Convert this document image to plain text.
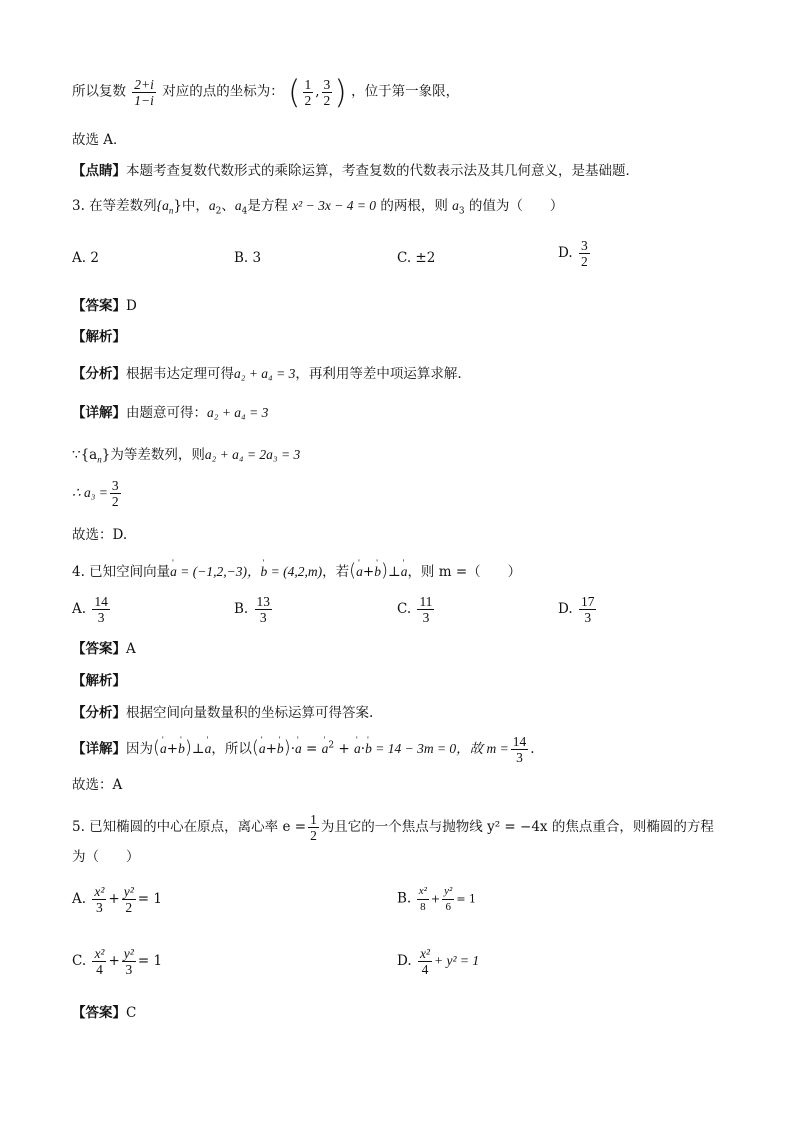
所以复数 $\frac{2+i}{1-i}$ 对应的点的坐标为： ( $\frac{1}{2}$ , $\frac{3}{2}$ ) ，位于第一象限，
故选 A．
【点睛】本题考查复数代数形式的乘除运算，考查复数的代数表示法及其几何意义，是基础题．
3. 在等差数列$\{a_n\}$中，$a_2$、$a_4$是方程 x² − 3x − 4 = 0 的两根，则 $a_3$ 的值为（　　）
A. 2	B. 3	C. ±2	D. $\frac{3}{2}$
【答案】D
【解析】
【分析】根据韦达定理可得a₂ + a₄ = 3，再利用等差中项运算求解.
【详解】由题意可得：a₂ + a₄ = 3
$\because\{a_n\}$为等差数列，则a₂ + a₄ = 2a₃ = 3
∴ $a_3 = \frac{3}{2}$
故选：D.
4. 已知空间向量' a = (−1,2,−3)，' b = (4,2,m)，若(' a+' b)⊥' a，则 m =（　　）
A. $\frac{14}{3}$	B. $\frac{13}{3}$	C. $\frac{11}{3}$	D. $\frac{17}{3}$
【答案】A
【解析】
【分析】根据空间向量数量积的坐标运算可得答案.
【详解】因为(' a+' b)⊥' a，所以(' a+' b)·' a = ' $a^2$ + ' a·' b = 14 − 3m = 0，故 $m = \frac{14}{3}$ .
故选：A
5. 已知椭圆的中心在原点，离心率 $e = \frac{1}{2}$ 为且它的一个焦点与抛物线 y² = −4x 的焦点重合，则椭圆的方程
为（　　）
A. $\frac{\text{x²}}{3} + \frac{\text{y²}}{2} = 1$	B. $\frac{\text{x²}}{8} + \frac{\text{y²}}{6} = 1$
C. $\frac{\text{x²}}{4} + \frac{\text{y²}}{3} = 1$	D. $\frac{\text{x²}}{4} + y^2 = 1$
【答案】C
